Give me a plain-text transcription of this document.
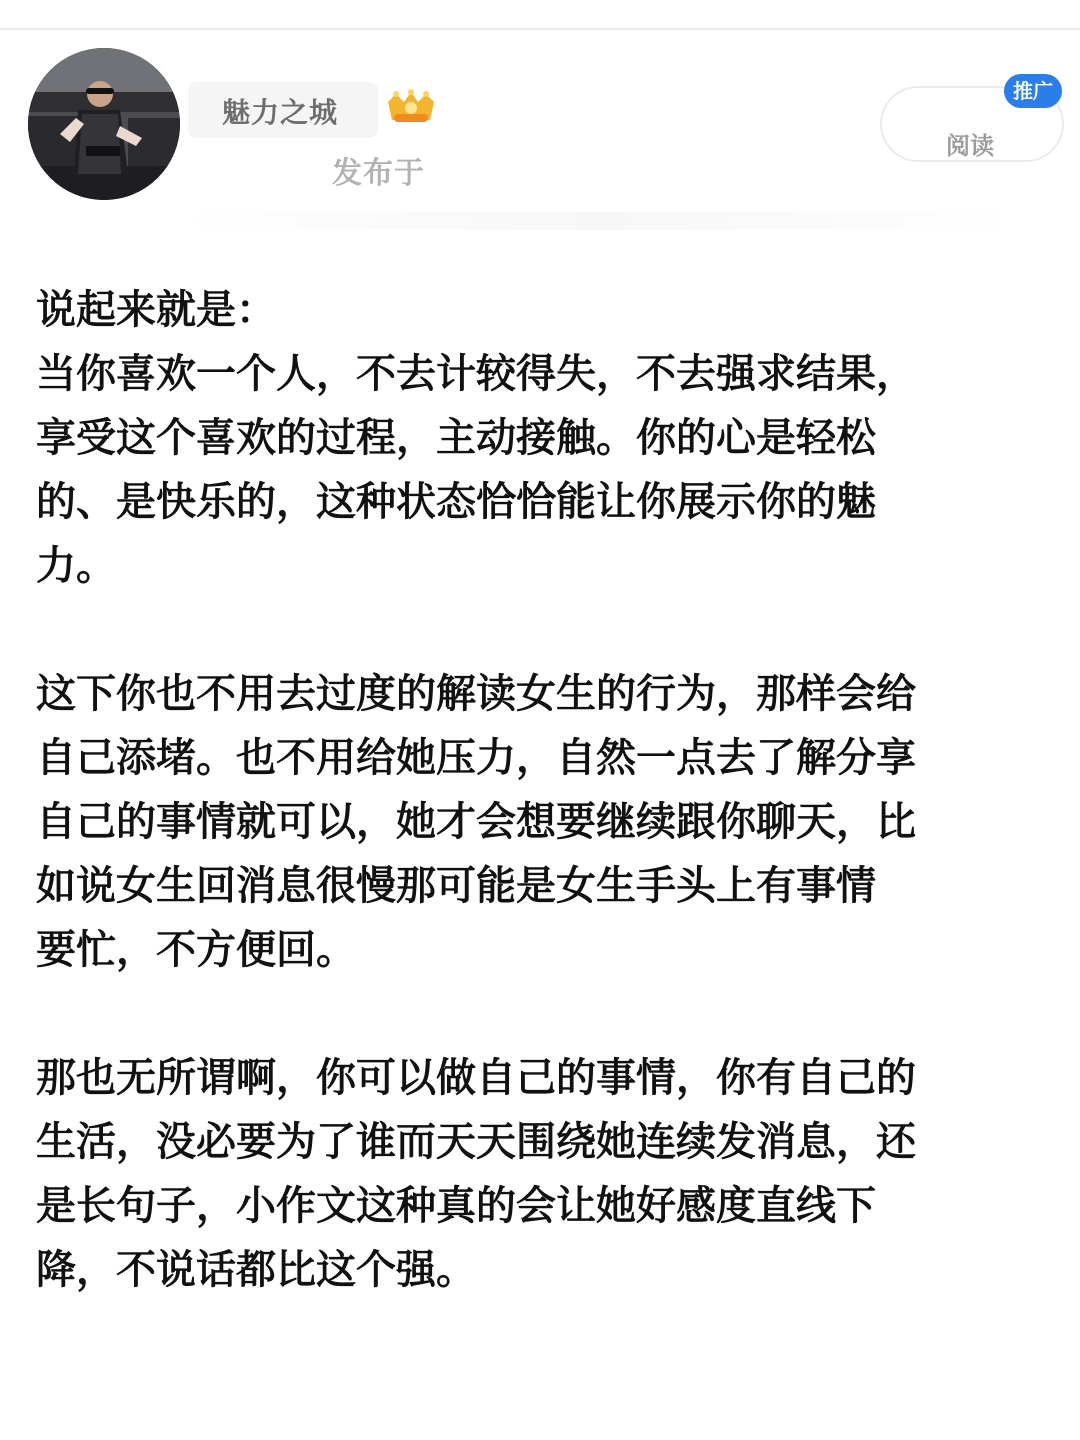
魅力之城
发布于
阅读
推广

说起来就是：
当你喜欢一个人，不去计较得失，不去强求结果，
享受这个喜欢的过程，主动接触。你的心是轻松
的、是快乐的，这种状态恰恰能让你展示你的魅
力。

这下你也不用去过度的解读女生的行为，那样会给
自己添堵。也不用给她压力，自然一点去了解分享
自己的事情就可以，她才会想要继续跟你聊天，比
如说女生回消息很慢那可能是女生手头上有事情
要忙，不方便回。

那也无所谓啊，你可以做自己的事情，你有自己的
生活，没必要为了谁而天天围绕她连续发消息，还
是长句子，小作文这种真的会让她好感度直线下
降，不说话都比这个强。
